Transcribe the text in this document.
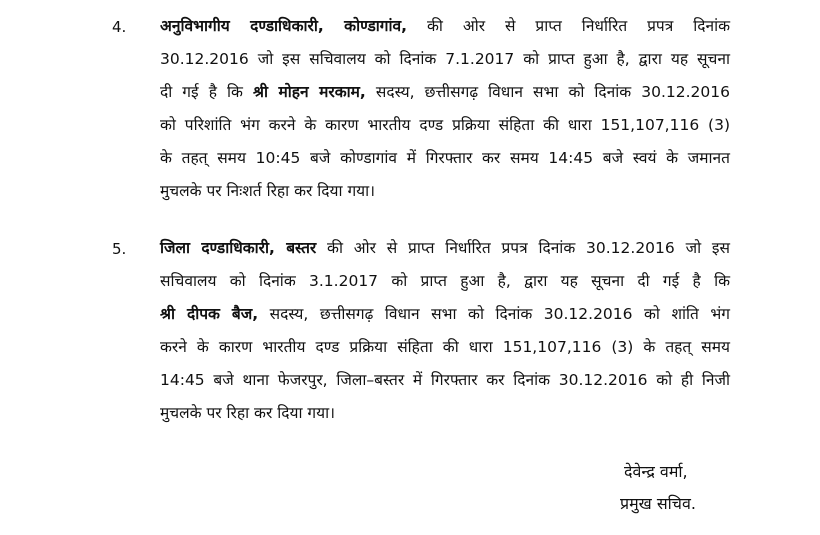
4. अनुविभागीय दण्डाधिकारी, कोण्डागांव, की ओर से प्राप्त निर्धारित प्रपत्र दिनांक
30.12.2016 जो इस सचिवालय को दिनांक 7.1.2017 को प्राप्त हुआ है, द्वारा यह सूचना
दी गई है कि श्री मोहन मरकाम, सदस्य, छत्तीसगढ़ विधान सभा को दिनांक 30.12.2016
को परिशांति भंग करने के कारण भारतीय दण्ड प्रक्रिया संहिता की धारा 151,107,116 (3)
के तहत् समय 10:45 बजे कोण्डागांव में गिरफ्तार कर समय 14:45 बजे स्वयं के जमानत
मुचलके पर निःशर्त रिहा कर दिया गया।
5. जिला दण्डाधिकारी, बस्तर की ओर से प्राप्त निर्धारित प्रपत्र दिनांक 30.12.2016 जो इस
सचिवालय को दिनांक 3.1.2017 को प्राप्त हुआ है, द्वारा यह सूचना दी गई है कि
श्री दीपक बैज, सदस्य, छत्तीसगढ़ विधान सभा को दिनांक 30.12.2016 को शांति भंग
करने के कारण भारतीय दण्ड प्रक्रिया संहिता की धारा 151,107,116 (3) के तहत् समय
14:45 बजे थाना फेजरपुर, जिला–बस्तर में गिरफ्तार कर दिनांक 30.12.2016 को ही निजी
मुचलके पर रिहा कर दिया गया।
देवेन्द्र वर्मा,
प्रमुख सचिव.
